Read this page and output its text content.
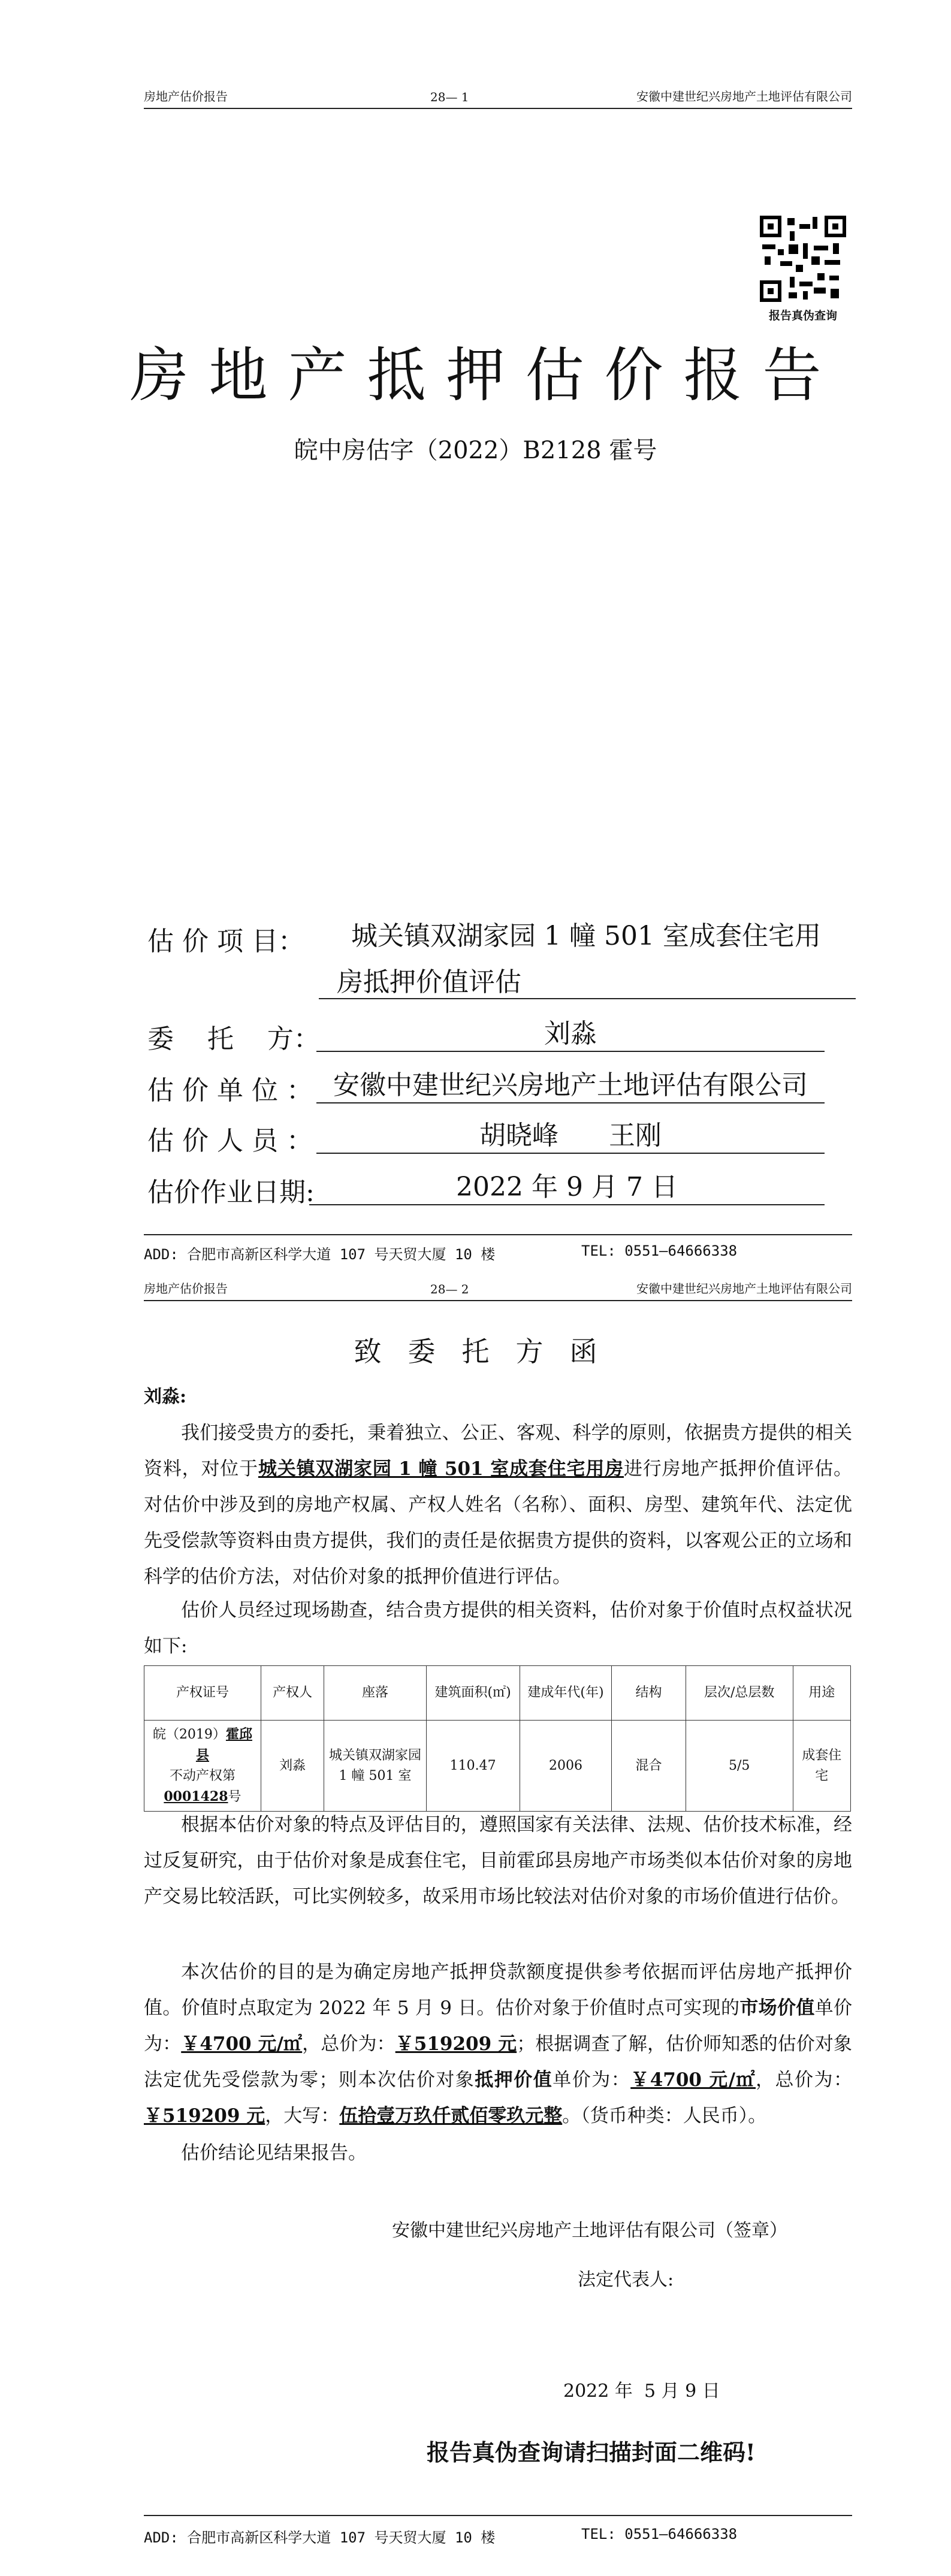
房地产估价报告	28— 1	安徽中建世纪兴房地产土地评估有限公司
报告真伪查询
房地产抵押估价报告
皖中房估字（2022）B2128 霍号
估 价 项 目：	城关镇双湖家园 1 幢 501 室成套住宅用
房抵押价值评估
委    托    方：	刘淼
估 价 单 位 ： 安徽中建世纪兴房地产土地评估有限公司
估 价 人 员 ：	胡晓峰      王刚
估价作业日期:	2022 年 9 月 7 日
ADD: 合肥市高新区科学大道 107 号天贸大厦 10 楼	TEL: 0551—64666338
房地产估价报告	28— 2	安徽中建世纪兴房地产土地评估有限公司
致委托方函
刘淼:

我们接受贵方的委托，秉着独立、公正、客观、科学的原则，依据贵方提供的相关资料，对位于城关镇双湖家园 1 幢 501 室成套住宅用房进行房地产抵押价值评估。对估价中涉及到的房地产权属、产权人姓名（名称）、面积、房型、建筑年代、法定优先受偿款等资料由贵方提供，我们的责任是依据贵方提供的资料，以客观公正的立场和科学的估价方法，对估价对象的抵押价值进行评估。

估价人员经过现场勘查，结合贵方提供的相关资料，估价对象于价值时点权益状况如下:

产权证号	产权人	座落	建筑面积(㎡)	建成年代(年)	结构	层次/总层数	用途
皖（2019）霍邱县
不动产权第
0001428号	刘淼	城关镇双湖家园 1 幢 501 室	110.47	2006	混合	5/5	成套住宅

根据本估价对象的特点及评估目的，遵照国家有关法律、法规、估价技术标准，经过反复研究，由于估价对象是成套住宅，目前霍邱县房地产市场类似本估价对象的房地产交易比较活跃，可比实例较多，故采用市场比较法对估价对象的市场价值进行估价。

本次估价的目的是为确定房地产抵押贷款额度提供参考依据而评估房地产抵押价值。价值时点取定为 2022 年 5 月 9 日。估价对象于价值时点可实现的市场价值单价为：￥4700 元/㎡，总价为：￥519209 元；根据调查了解，估价师知悉的估价对象法定优先受偿款为零；则本次估价对象抵押价值单价为：￥4700 元/㎡，总价为：￥519209 元，大写：伍拾壹万玖仟贰佰零玖元整。（货币种类：人民币）。

估价结论见结果报告。

安徽中建世纪兴房地产土地评估有限公司（签章）
法定代表人:
2022 年  5 月 9 日
报告真伪查询请扫描封面二维码!
ADD: 合肥市高新区科学大道 107 号天贸大厦 10 楼	TEL: 0551—64666338
